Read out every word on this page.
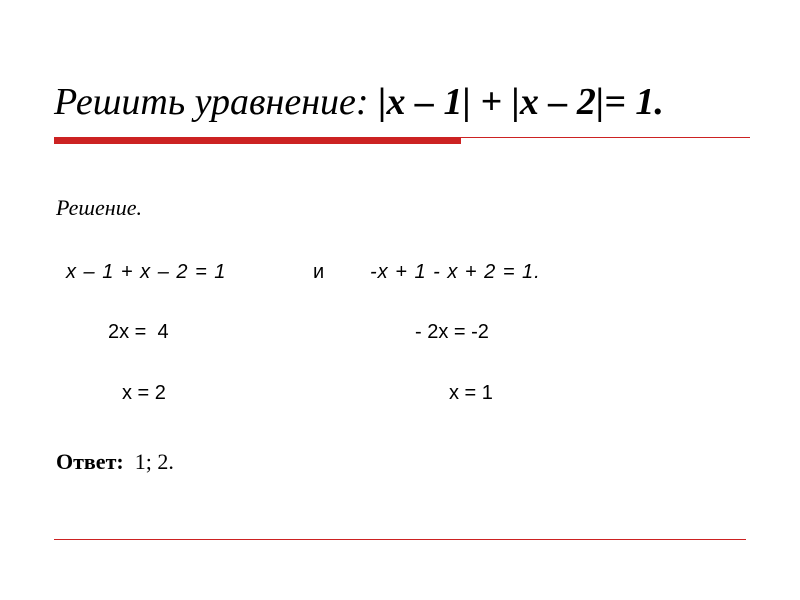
Решить уравнение: |x – 1| + |x – 2|= 1.
Решение.
x – 1 + x – 2 = 1
2x =  4
x = 2
и -x + 1 - x + 2 = 1.
- 2x = -2
x = 1
Ответ: 1; 2.
